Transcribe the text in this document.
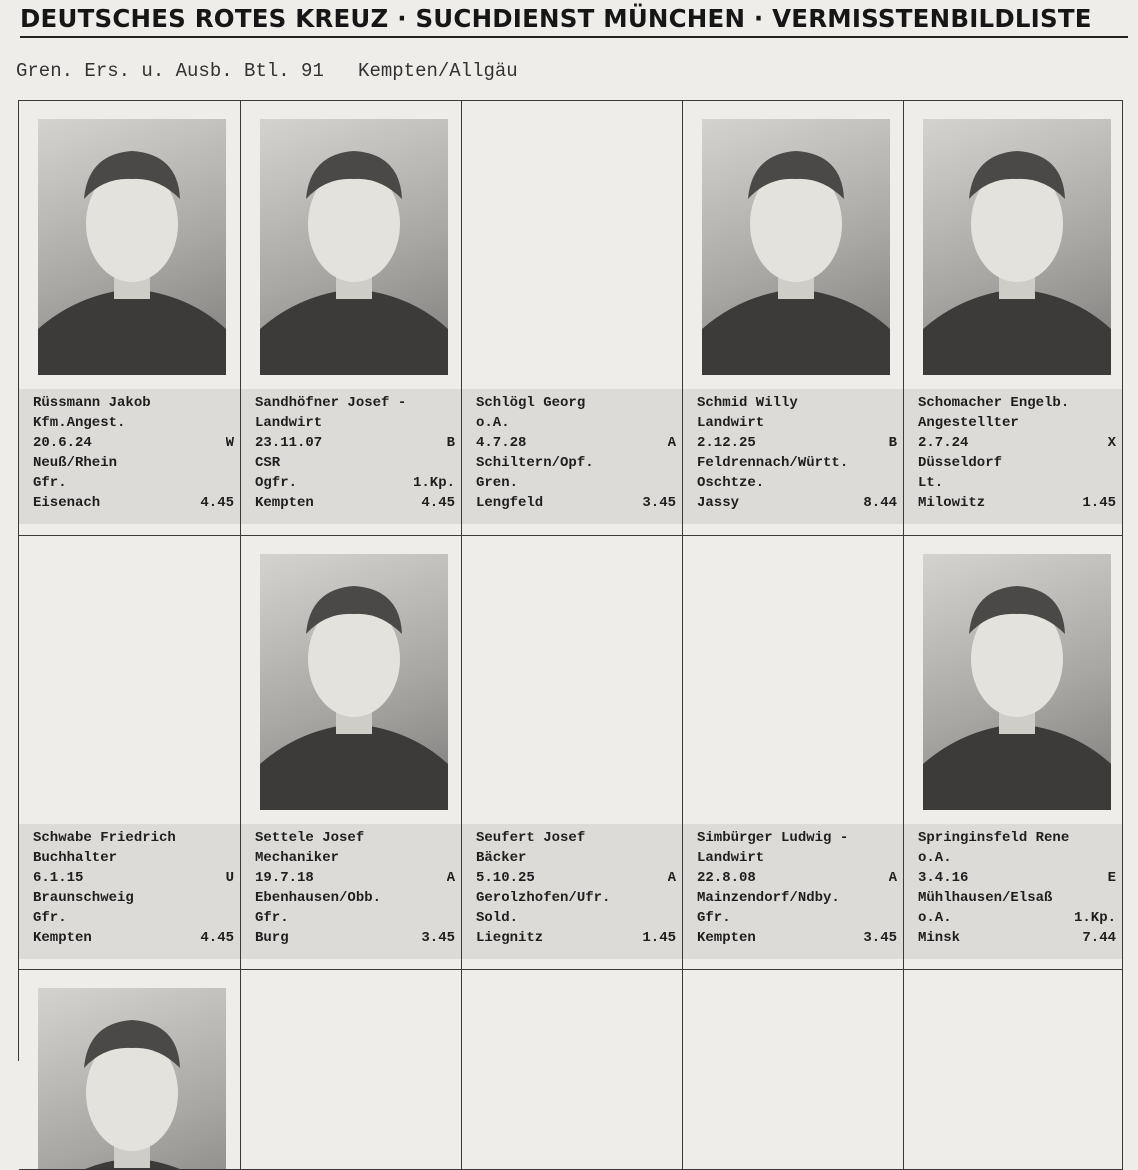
DEUTSCHES ROTES KREUZ · SUCHDIENST MÜNCHEN · VERMISSTENBILDLISTE
Gren. Ers. u. Ausb. Btl. 91   Kempten/Allgäu
Rüssmann Jakob
Kfm.Angest.
20.6.24	W
Neuß/Rhein
Gfr.
Eisenach	4.45
Sandhöfner Josef -
Landwirt
23.11.07	B
CSR
Ogfr.	1.Kp.
Kempten	4.45
Schlögl Georg
o.A.
4.7.28	A
Schiltern/Opf.
Gren.
Lengfeld	3.45
Schmid Willy
Landwirt
2.12.25	B
Feldrennach/Württ.
Oschtze.
Jassy	8.44
Schomacher Engelb.
Angestellter
2.7.24	X
Düsseldorf
Lt.
Milowitz	1.45
Schwabe Friedrich
Buchhalter
6.1.15	U
Braunschweig
Gfr.
Kempten	4.45
Settele Josef
Mechaniker
19.7.18	A
Ebenhausen/Obb.
Gfr.
Burg	3.45
Seufert Josef
Bäcker
5.10.25	A
Gerolzhofen/Ufr.
Sold.
Liegnitz	1.45
Simbürger Ludwig -
Landwirt
22.8.08	A
Mainzendorf/Ndby.
Gfr.
Kempten	3.45
Springinsfeld Rene
o.A.
3.4.16	E
Mühlhausen/Elsaß
o.A.	1.Kp.
Minsk	7.44
